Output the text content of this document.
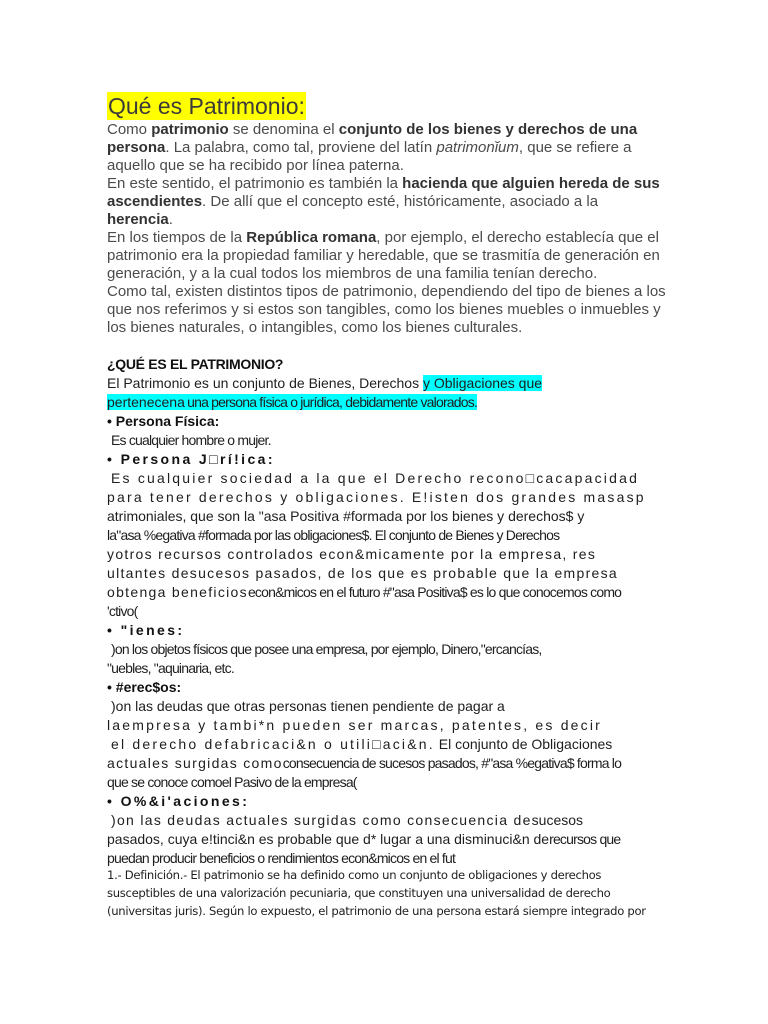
Qué es Patrimonio:

Como patrimonio se denomina el conjunto de los bienes y derechos de una persona. La palabra, como tal, proviene del latín patrimonĭum, que se refiere a aquello que se ha recibido por línea paterna.

En este sentido, el patrimonio es también la hacienda que alguien hereda de sus ascendientes. De allí que el concepto esté, históricamente, asociado a la herencia.

En los tiempos de la República romana, por ejemplo, el derecho establecía que el patrimonio era la propiedad familiar y heredable, que se trasmitía de generación en generación, y a la cual todos los miembros de una familia tenían derecho.

Como tal, existen distintos tipos de patrimonio, dependiendo del tipo de bienes a los que nos referimos y si estos son tangibles, como los bienes muebles o inmuebles y los bienes naturales, o intangibles, como los bienes culturales.

¿QUÉ ES EL PATRIMONIO?

El Patrimonio es un conjunto de Bienes, Derechos y Obligaciones que
pertenecena una persona física o jurídica, debidamente valorados.

• Persona Física:

Es cualquier hombre o mujer.

• Persona J□rí!ica:

Es cualquier sociedad a la que el Derecho recono□cacapacidad
para tener derechos y obligaciones. E!isten dos grandes masasp
atrimoniales, que son la "asa Positiva #formada por los bienes y derechos$ y
la"asa %egativa #formada por las obligaciones$. El conjunto de Bienes y Derechos
yotros recursos controlados econ&micamente por la empresa, res
ultantes desucesos pasados, de los que es probable que la empresa
obtenga beneficiosecon&micos en el futuro #"asa Positiva$ es lo que conocemos como
'ctivo(

• "ienes:

)on los objetos físicos que posee una empresa, por ejemplo, Dinero,"ercancías,
"uebles, "aquinaria, etc.

• #erec$os:

)on las deudas que otras personas tienen pendiente de pagar a
laempresa y tambi*n pueden ser marcas, patentes, es decir
el derecho defabricaci&n o utili□aci&n. El conjunto de Obligaciones
actuales surgidas comoconsecuencia de sucesos pasados, #"asa %egativa$ forma lo
que se conoce comoel Pasivo de la empresa(

• O%&i'aciones:

)on las deudas actuales surgidas como consecuencia desucesos
pasados, cuya e!tinci&n es probable que d* lugar a una disminuci&n derecursos que
puedan producir beneficios o rendimientos econ&micos en el fut

1.- Definición.- El patrimonio se ha definido como un conjunto de obligaciones y derechos

susceptibles de una valorización pecuniaria, que constituyen una universalidad de derecho

(universitas juris). Según lo expuesto, el patrimonio de una persona estará siempre integrado por
